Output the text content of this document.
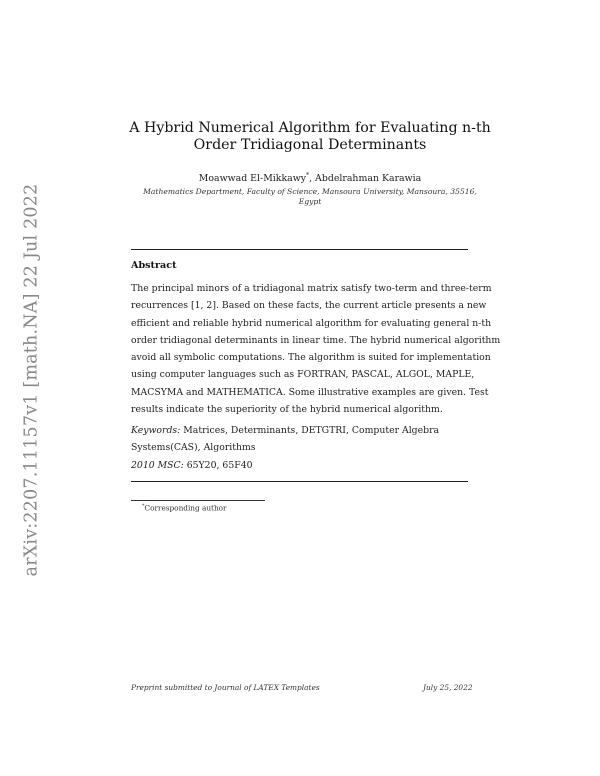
arXiv:2207.11157v1 [math.NA] 22 Jul 2022
A Hybrid Numerical Algorithm for Evaluating n-th
Order Tridiagonal Determinants
Moawwad El-Mikkawy*, Abdelrahman Karawia
Mathematics Department, Faculty of Science, Mansoura University, Mansoura, 35516,
Egypt
Abstract
The principal minors of a tridiagonal matrix satisfy two-term and three-term
recurrences [1, 2]. Based on these facts, the current article presents a new
efficient and reliable hybrid numerical algorithm for evaluating general n-th
order tridiagonal determinants in linear time. The hybrid numerical algorithm
avoid all symbolic computations. The algorithm is suited for implementation
using computer languages such as FORTRAN, PASCAL, ALGOL, MAPLE,
MACSYMA and MATHEMATICA. Some illustrative examples are given. Test
results indicate the superiority of the hybrid numerical algorithm.
Keywords: Matrices, Determinants, DETGTRI, Computer Algebra
Systems(CAS), Algorithms
2010 MSC: 65Y20, 65F40
*Corresponding author
Preprint submitted to Journal of LATEX Templates	July 25, 2022
